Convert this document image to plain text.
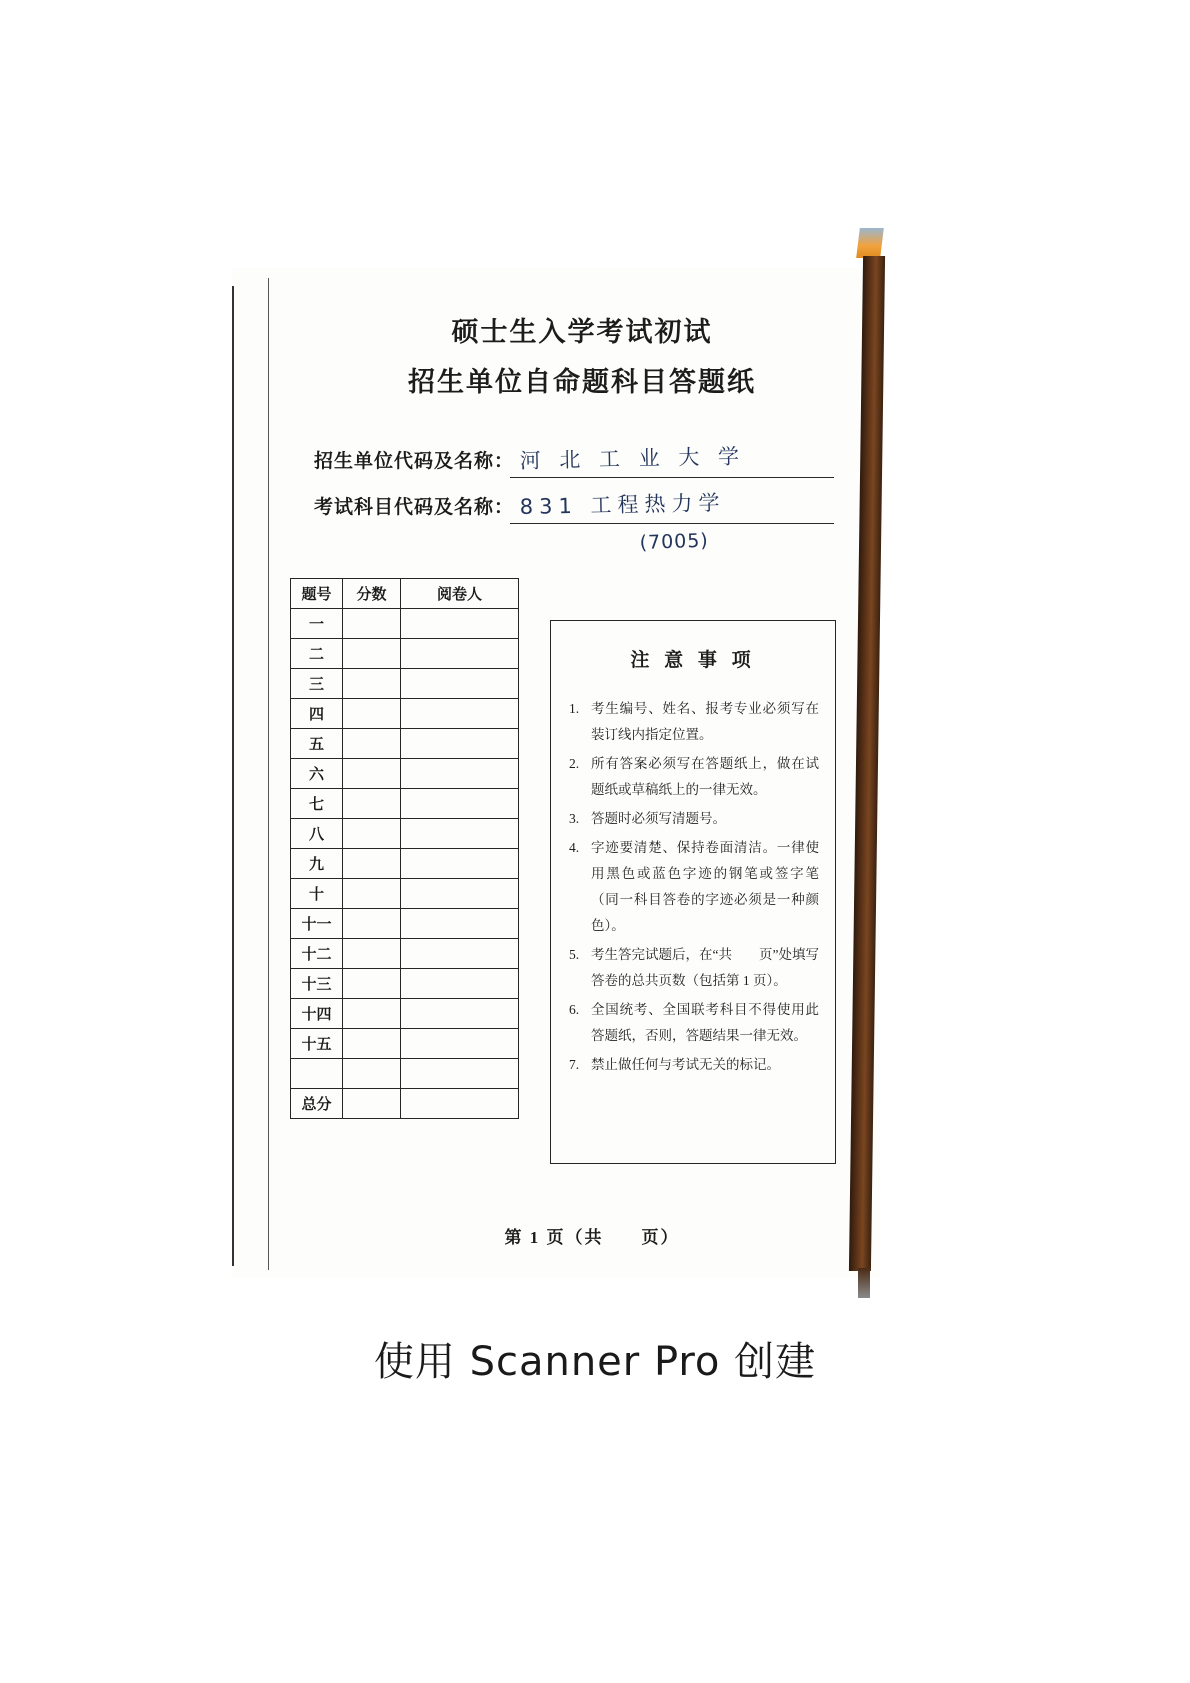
硕士生入学考试初试
招生单位自命题科目答题纸
招生单位代码及名称： 河 北 工 业 大 学
考试科目代码及名称： 831 工程热力学
(7005)
题号	分数	阅卷人
一		
二		
三		
四		
五		
六		
七		
八		
九		
十		
十一		
十二		
十三		
十四		
十五		

总分		
注 意 事 项
1. 考生编号、姓名、报考专业必须写在装订线内指定位置。
2. 所有答案必须写在答题纸上，做在试题纸或草稿纸上的一律无效。
3. 答题时必须写清题号。
4. 字迹要清楚、保持卷面清洁。一律使用黑色或蓝色字迹的钢笔或签字笔（同一科目答卷的字迹必须是一种颜色）。
5. 考生答完试题后，在“共　　页”处填写答卷的总共页数（包括第 1 页）。
6. 全国统考、全国联考科目不得使用此答题纸，否则，答题结果一律无效。
7. 禁止做任何与考试无关的标记。
第 1 页（共　　页）
使用 Scanner Pro 创建
